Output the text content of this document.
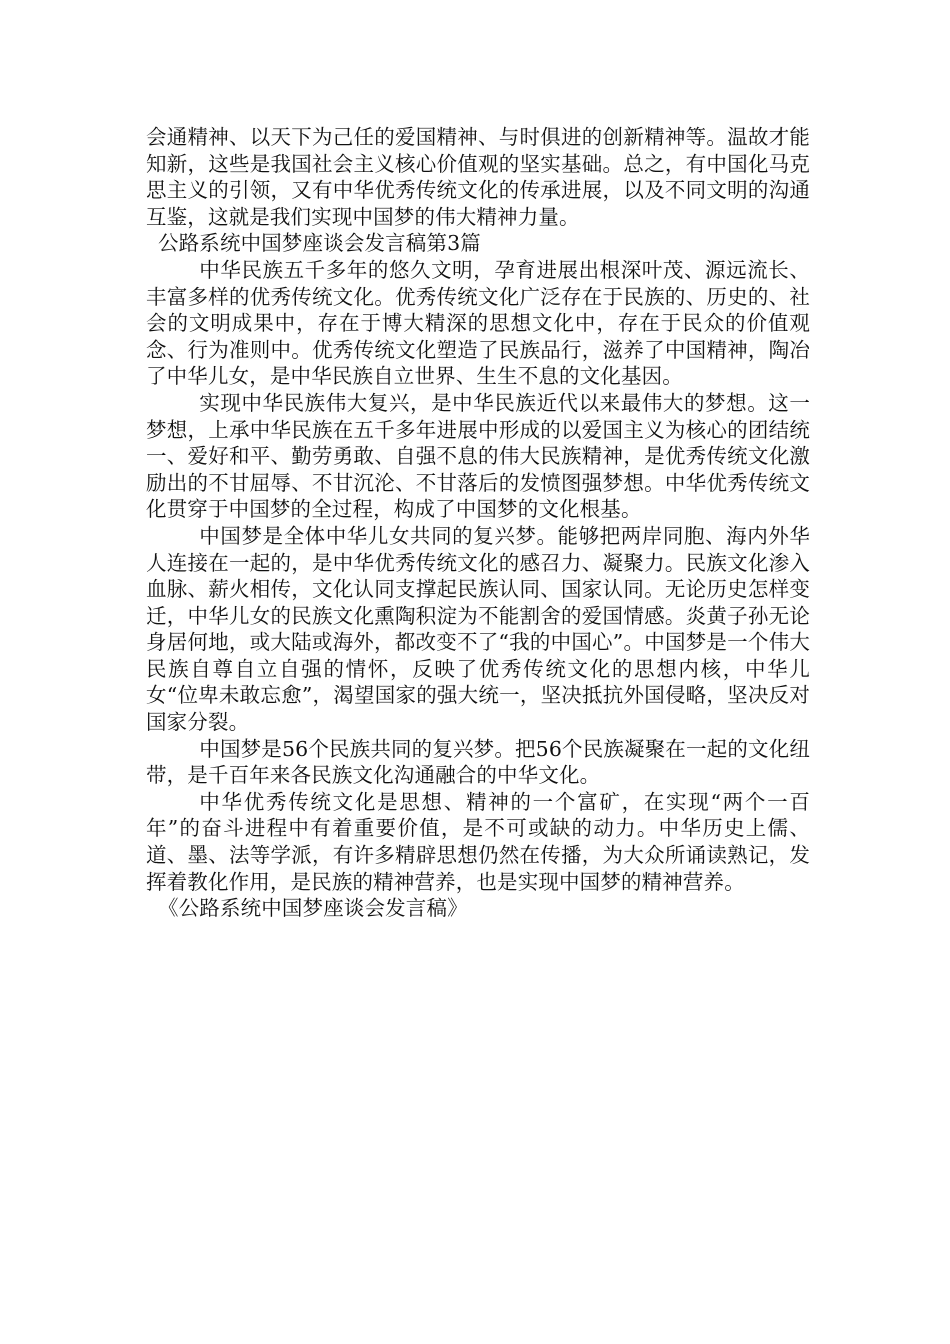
会通精神、以天下为己任的爱国精神、与时俱进的创新精神等。温故才能知新，这些是我国社会主义核心价值观的坚实基础。总之，有中国化马克思主义的引领，又有中华优秀传统文化的传承进展，以及不同文明的沟通互鉴，这就是我们实现中国梦的伟大精神力量。

公路系统中国梦座谈会发言稿第3篇

中华民族五千多年的悠久文明，孕育进展出根深叶茂、源远流长、丰富多样的优秀传统文化。优秀传统文化广泛存在于民族的、历史的、社会的文明成果中，存在于博大精深的思想文化中，存在于民众的价值观念、行为准则中。优秀传统文化塑造了民族品行，滋养了中国精神，陶冶了中华儿女，是中华民族自立世界、生生不息的文化基因。

实现中华民族伟大复兴，是中华民族近代以来最伟大的梦想。这一梦想，上承中华民族在五千多年进展中形成的以爱国主义为核心的团结统一、爱好和平、勤劳勇敢、自强不息的伟大民族精神，是优秀传统文化激励出的不甘屈辱、不甘沉沦、不甘落后的发愤图强梦想。中华优秀传统文化贯穿于中国梦的全过程，构成了中国梦的文化根基。

中国梦是全体中华儿女共同的复兴梦。能够把两岸同胞、海内外华人连接在一起的，是中华优秀传统文化的感召力、凝聚力。民族文化渗入血脉、薪火相传，文化认同支撑起民族认同、国家认同。无论历史怎样变迁，中华儿女的民族文化熏陶积淀为不能割舍的爱国情感。炎黄子孙无论身居何地，或大陆或海外，都改变不了“我的中国心”。中国梦是一个伟大民族自尊自立自强的情怀，反映了优秀传统文化的思想内核，中华儿女“位卑未敢忘愈”，渴望国家的强大统一，坚决抵抗外国侵略，坚决反对国家分裂。

中国梦是56个民族共同的复兴梦。把56个民族凝聚在一起的文化纽带，是千百年来各民族文化沟通融合的中华文化。

中华优秀传统文化是思想、精神的一个富矿，在实现“两个一百年”的奋斗进程中有着重要价值，是不可或缺的动力。中华历史上儒、道、墨、法等学派，有许多精辟思想仍然在传播，为大众所诵读熟记，发挥着教化作用，是民族的精神营养，也是实现中国梦的精神营养。

《公路系统中国梦座谈会发言稿》
